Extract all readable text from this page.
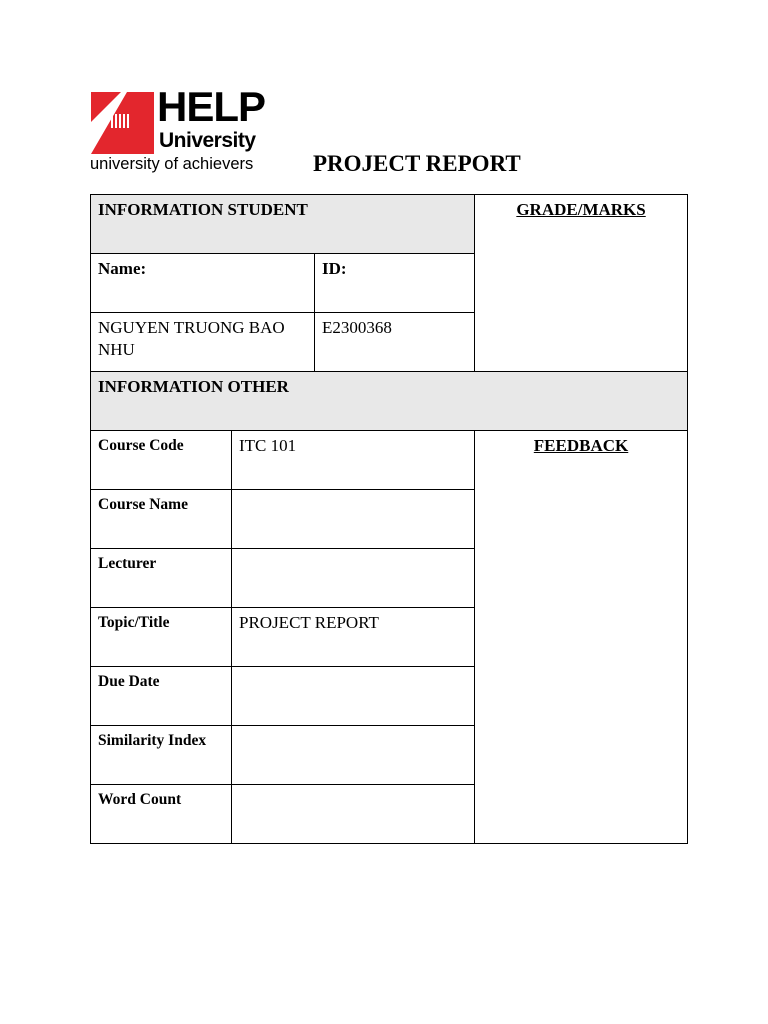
HELP
University
university of achievers	PROJECT REPORT
INFORMATION STUDENT			GRADE/MARKS
Name:		ID:	
NGUYEN TRUONG BAO NHU		E2300368	
INFORMATION OTHER			
Course Code	ITC 101		FEEDBACK
Course Name			
Lecturer			
Topic/Title	PROJECT REPORT		
Due Date			
Similarity Index			
Word Count			
